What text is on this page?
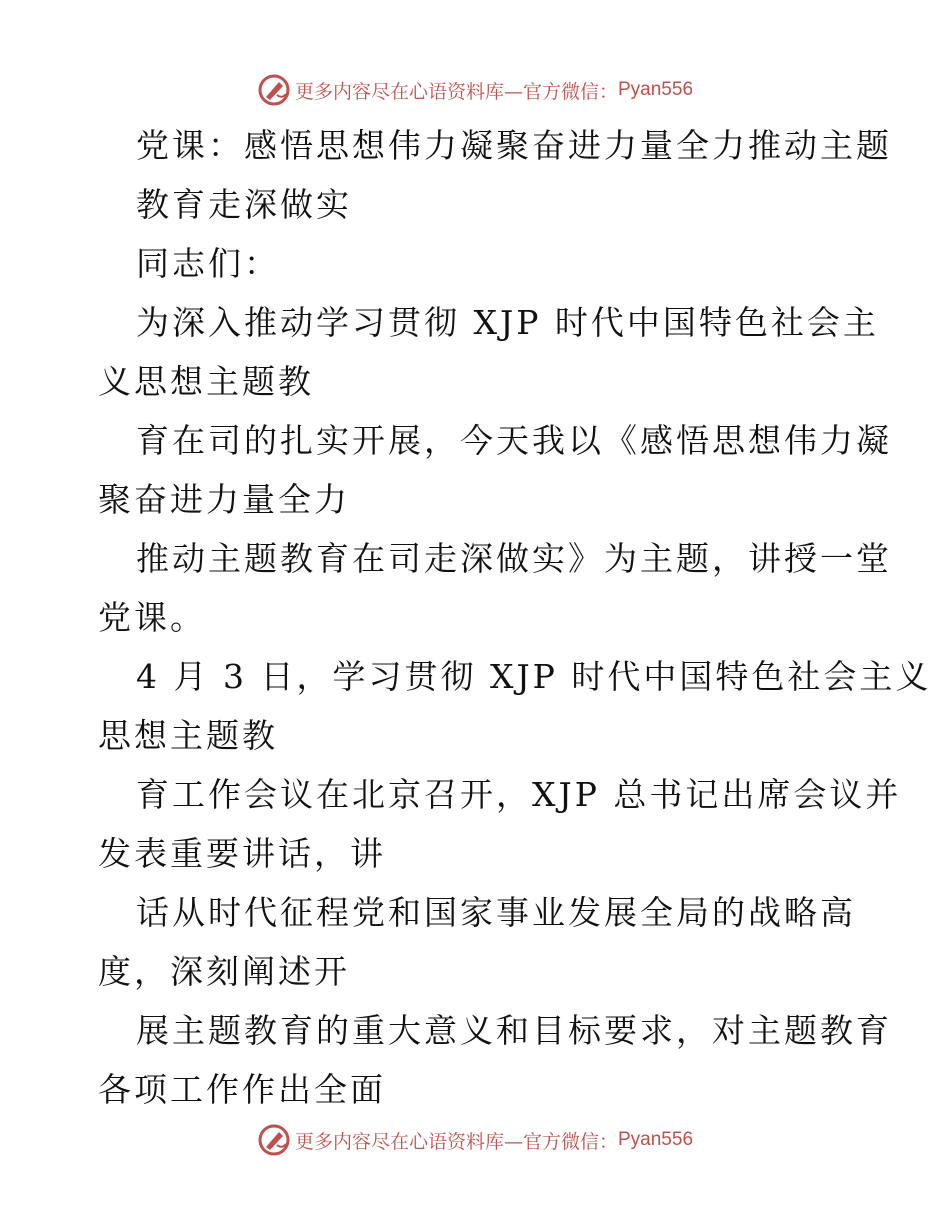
更多内容尽在心语资料库—官方微信： Pyan556
党课：感悟思想伟力凝聚奋进力量全力推动主题
教育走深做实
同志们：
为深入推动学习贯彻 XJP 时代中国特色社会主
义思想主题教
育在司的扎实开展，今天我以《感悟思想伟力凝
聚奋进力量全力
推动主题教育在司走深做实》为主题，讲授一堂
党课。
4 月 3 日，学习贯彻 XJP 时代中国特色社会主义
思想主题教
育工作会议在北京召开，XJP 总书记出席会议并
发表重要讲话，讲
话从时代征程党和国家事业发展全局的战略高
度，深刻阐述开
展主题教育的重大意义和目标要求，对主题教育
各项工作作出全面
更多内容尽在心语资料库—官方微信： Pyan556
